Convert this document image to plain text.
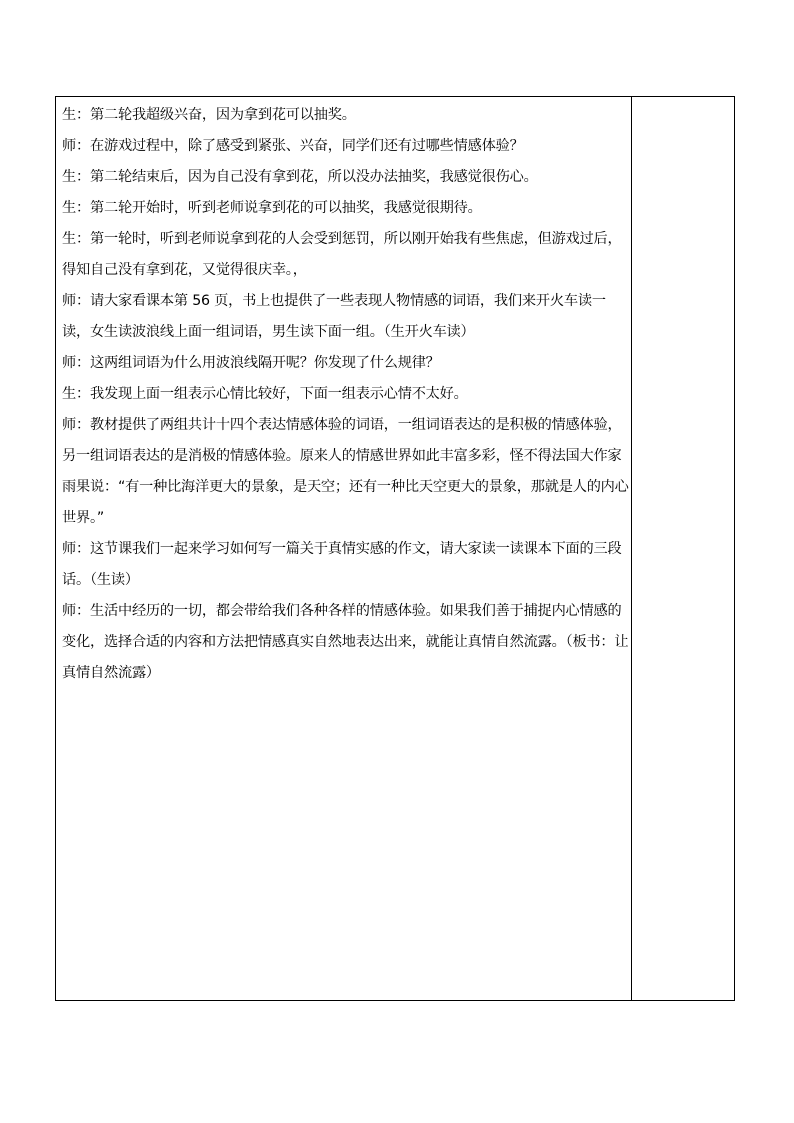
生：第二轮我超级兴奋，因为拿到花可以抽奖。

师：在游戏过程中，除了感受到紧张、兴奋，同学们还有过哪些情感体验？

生：第二轮结束后，因为自己没有拿到花，所以没办法抽奖，我感觉很伤心。

生：第二轮开始时，听到老师说拿到花的可以抽奖，我感觉很期待。

生：第一轮时，听到老师说拿到花的人会受到惩罚，所以刚开始我有些焦虑，但游戏过后，得知自己没有拿到花，又觉得很庆幸。，

师：请大家看课本第 56 页，书上也提供了一些表现人物情感的词语，我们来开火车读一读，女生读波浪线上面一组词语，男生读下面一组。（生开火车读）

师：这两组词语为什么用波浪线隔开呢？你发现了什么规律？

生：我发现上面一组表示心情比较好，下面一组表示心情不太好。

师：教材提供了两组共计十四个表达情感体验的词语，一组词语表达的是积极的情感体验，另一组词语表达的是消极的情感体验。原来人的情感世界如此丰富多彩，怪不得法国大作家雨果说：“有一种比海洋更大的景象，是天空；还有一种比天空更大的景象，那就是人的内心世界。”

师：这节课我们一起来学习如何写一篇关于真情实感的作文，请大家读一读课本下面的三段话。（生读）

师：生活中经历的一切，都会带给我们各种各样的情感体验。如果我们善于捕捉内心情感的变化，选择合适的内容和方法把情感真实自然地表达出来，就能让真情自然流露。（板书：让真情自然流露）
